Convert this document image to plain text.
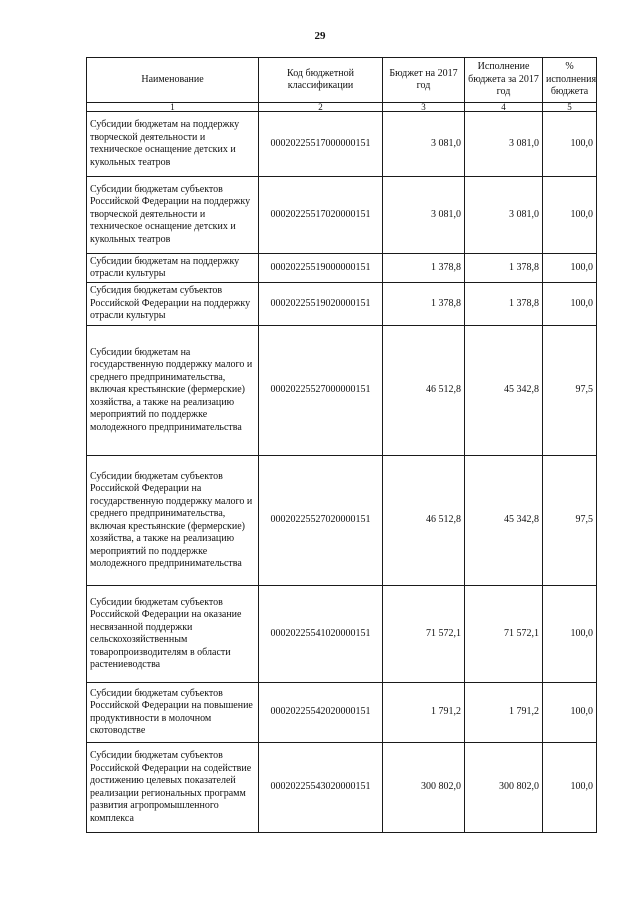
29
Наименование	Код бюджетной классификации	Бюджет на 2017 год	Исполнение бюджета за 2017 год	% исполнения бюджета
1	2	3	4	5
Субсидии бюджетам на поддержку творческой деятельности и техническое оснащение детских и кукольных театров	00020225517000000151	3 081,0	3 081,0	100,0
Субсидии бюджетам субъектов Российской Федерации на поддержку творческой деятельности и техническое оснащение детских и кукольных театров	00020225517020000151	3 081,0	3 081,0	100,0
Субсидии бюджетам на поддержку отрасли культуры	00020225519000000151	1 378,8	1 378,8	100,0
Субсидия бюджетам субъектов Российской Федерации на поддержку отрасли культуры	00020225519020000151	1 378,8	1 378,8	100,0
Субсидии бюджетам на государственную поддержку малого и среднего предпринимательства, включая крестьянские (фермерские) хозяйства, а также на реализацию мероприятий по поддержке молодежного предпринимательства	00020225527000000151	46 512,8	45 342,8	97,5
Субсидии бюджетам субъектов Российской Федерации на государственную поддержку малого и среднего предпринимательства, включая крестьянские (фермерские) хозяйства, а также на реализацию мероприятий по поддержке молодежного предпринимательства	00020225527020000151	46 512,8	45 342,8	97,5
Субсидии бюджетам субъектов Российской Федерации на оказание несвязанной поддержки сельскохозяйственным товаропроизводителям в области растениеводства	00020225541020000151	71 572,1	71 572,1	100,0
Субсидии бюджетам субъектов Российской Федерации на повышение продуктивности в молочном скотоводстве	00020225542020000151	1 791,2	1 791,2	100,0
Субсидии бюджетам субъектов Российской Федерации на содействие достижению целевых показателей реализации региональных программ развития агропромышленного комплекса	00020225543020000151	300 802,0	300 802,0	100,0
